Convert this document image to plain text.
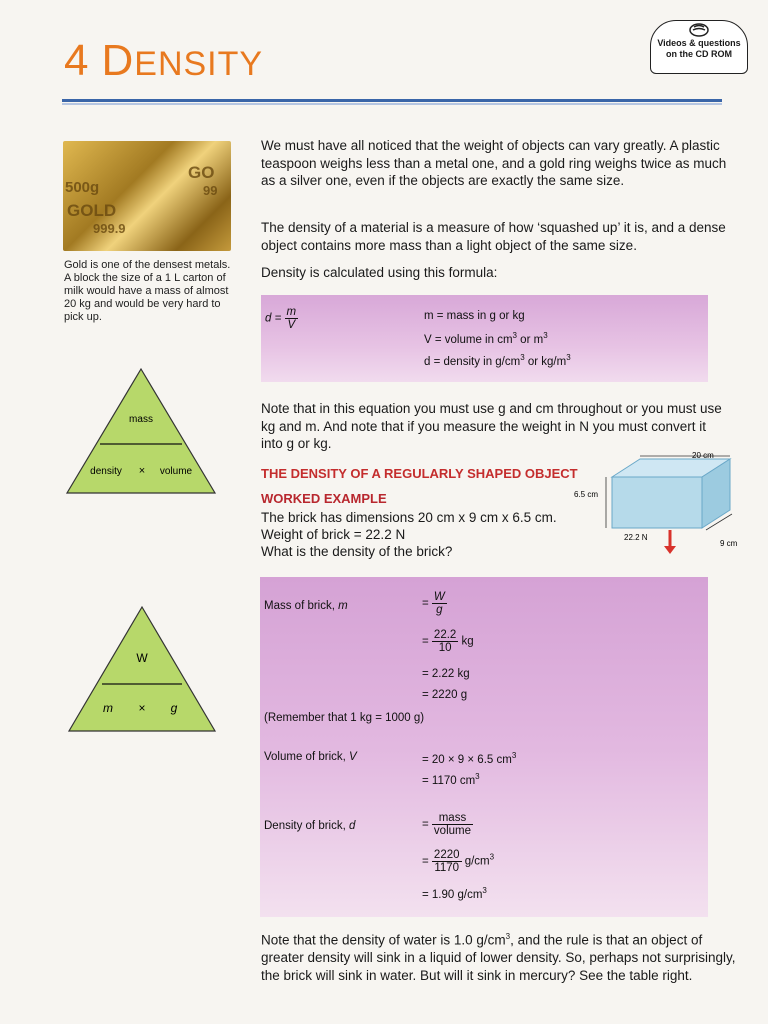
4 DENSITY
Videos & questions
on the CD ROM
500g
GOLD
999.9
GO
99
Gold is one of the densest metals. A block the size of a 1 L carton of milk would have a mass of almost 20 kg and would be very hard to pick up.
mass
density × volume
W
m × g
We must have all noticed that the weight of objects can vary greatly. A plastic teaspoon weighs less than a metal one, and a gold ring weighs twice as much as a silver one, even if the objects are exactly the same size.
The density of a material is a measure of how ‘squashed up’ it is, and a dense object contains more mass than a light object of the same size.
Density is calculated using this formula:
$d = \frac{m}{V}$	m = mass in g or kg
V = volume in $cm^3$ or $m^3$
d = density in $g/cm^3$ or $kg/m^3$
Note that in this equation you must use g and cm throughout or you must use kg and m. And note that if you measure the weight in N you must convert it into g or kg.
THE DENSITY OF A REGULARLY SHAPED OBJECT
WORKED EXAMPLE
The brick has dimensions 20 cm x 9 cm x 6.5 cm.
Weight of brick = 22.2 N
What is the density of the brick?
20 cm
6.5 cm
9 cm
22.2 N
Mass of brick, m	= $\frac{W}{g}$
= $\frac{22.2}{10}$ kg
= 2.22 kg
= 2220 g
(Remember that 1 kg = 1000 g)
Volume of brick, V	= 20 × 9 × 6.5 $cm^3$
= 1170 $cm^3$
Density of brick, d	= $\frac{\text{mass}}{\text{volume}}$
= $\frac{2220}{1170} g/cm^3$
= 1.90 $g/cm^3$
Note that the density of water is 1.0 $g/cm^3$, and the rule is that an object of greater density will sink in a liquid of lower density. So, perhaps not surprisingly, the brick will sink in water. But will it sink in mercury? See the table right.
